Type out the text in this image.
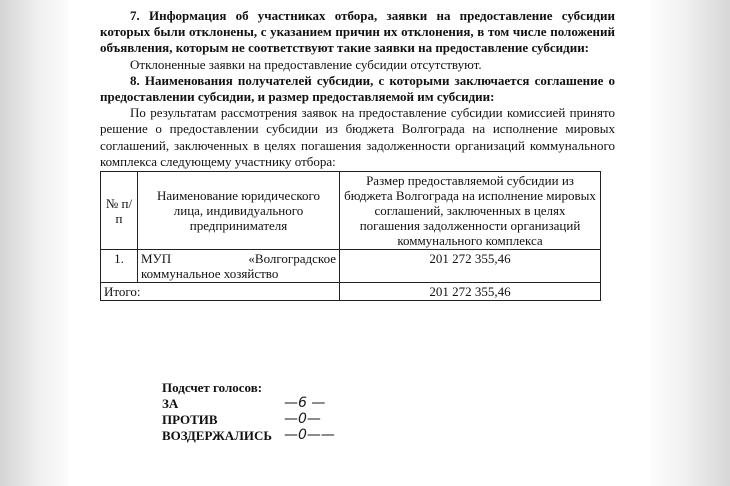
7. Информация об участниках отбора, заявки на предоставление субсидии которых были отклонены, с указанием причин их отклонения, в том числе положений объявления, которым не соответствуют такие заявки на предоставление субсидии:

Отклоненные заявки на предоставление субсидии отсутствуют.

8. Наименования получателей субсидии, с которыми заключается соглашение о предоставлении субсидии, и размер предоставляемой им субсидии:

По результатам рассмотрения заявок на предоставление субсидии комиссией принято решение о предоставлении субсидии из бюджета Волгограда на исполнение мировых соглашений, заключенных в целях погашения задолженности организаций коммунального комплекса следующему участнику отбора:

№ п/п	Наименование юридического лица, индивидуального предпринимателя	Размер предоставляемой субсидии из бюджета Волгограда на исполнение мировых соглашений, заключенных в целях погашения задолженности организаций коммунального комплекса
1.	МУП «Волгоградское коммунальное хозяйство	201 272 355,46
Итого:		201 272 355,46
Подсчет голосов:
ЗА	—6 —
ПРОТИВ	—0—
ВОЗДЕРЖАЛИСЬ —0——
